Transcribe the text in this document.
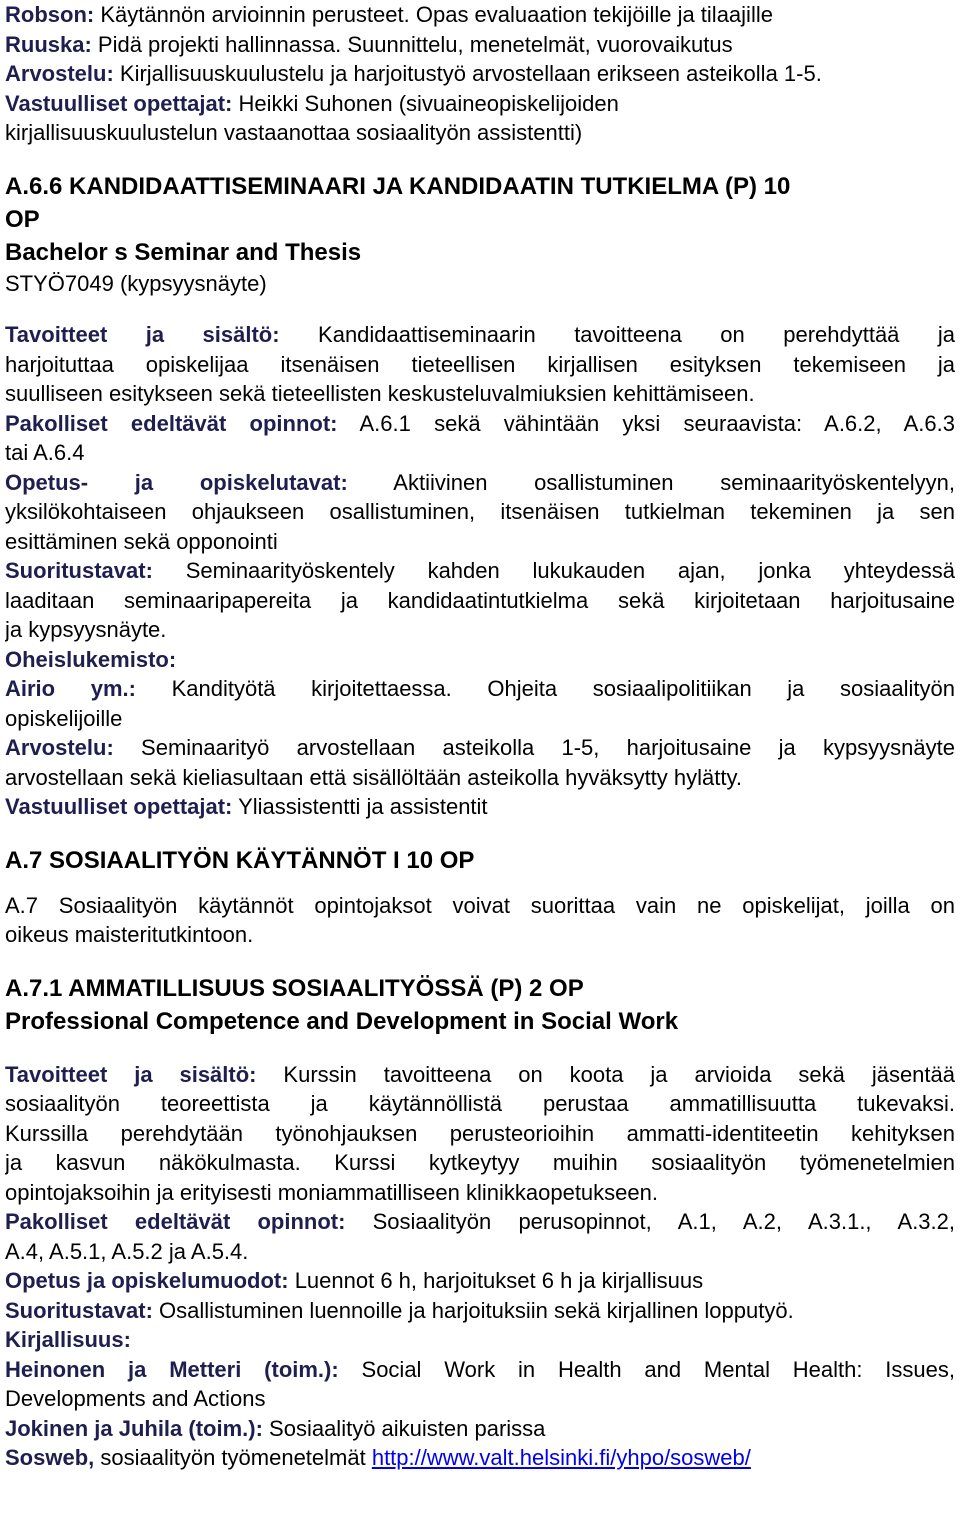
Robson: Käytännön arvioinnin perusteet. Opas evaluaation tekijöille ja tilaajille
Ruuska: Pidä projekti hallinnassa. Suunnittelu, menetelmät, vuorovaikutus
Arvostelu: Kirjallisuuskuulustelu ja harjoitustyö arvostellaan erikseen asteikolla 1-5.
Vastuulliset opettajat: Heikki Suhonen (sivuaineopiskelijoiden
kirjallisuuskuulustelun vastaanottaa sosiaalityön assistentti)
A.6.6 KANDIDAATTISEMINAARI JA KANDIDAATIN TUTKIELMA (P) 10
OP
Bachelor s Seminar and Thesis
STYÖ7049 (kypsyysnäyte)
Tavoitteet ja sisältö: Kandidaattiseminaarin tavoitteena on perehdyttää ja
harjoituttaa opiskelijaa itsenäisen tieteellisen kirjallisen esityksen tekemiseen ja
suulliseen esitykseen sekä tieteellisten keskusteluvalmiuksien kehittämiseen.
Pakolliset edeltävät opinnot: A.6.1 sekä vähintään yksi seuraavista: A.6.2, A.6.3
tai A.6.4
Opetus- ja opiskelutavat: Aktiivinen osallistuminen seminaarityöskentelyyn,
yksilökohtaiseen ohjaukseen osallistuminen, itsenäisen tutkielman tekeminen ja sen
esittäminen sekä opponointi
Suoritustavat: Seminaarityöskentely kahden lukukauden ajan, jonka yhteydessä
laaditaan seminaaripapereita ja kandidaatintutkielma sekä kirjoitetaan harjoitusaine
ja kypsyysnäyte.
Oheislukemisto:
Airio ym.: Kandityötä kirjoitettaessa. Ohjeita sosiaalipolitiikan ja sosiaalityön
opiskelijoille
Arvostelu: Seminaarityö arvostellaan asteikolla 1-5, harjoitusaine ja kypsyysnäyte
arvostellaan sekä kieliasultaan että sisällöltään asteikolla hyväksytty hylätty.
Vastuulliset opettajat: Yliassistentti ja assistentit
A.7 SOSIAALITYÖN KÄYTÄNNÖT I 10 OP
A.7 Sosiaalityön käytännöt opintojaksot voivat suorittaa vain ne opiskelijat, joilla on
oikeus maisteritutkintoon.
A.7.1 AMMATILLISUUS SOSIAALITYÖSSÄ (P) 2 OP
Professional Competence and Development in Social Work
Tavoitteet ja sisältö: Kurssin tavoitteena on koota ja arvioida sekä jäsentää
sosiaalityön teoreettista ja käytännöllistä perustaa ammatillisuutta tukevaksi.
Kurssilla perehdytään työnohjauksen perusteorioihin ammatti-identiteetin kehityksen
ja kasvun näkökulmasta. Kurssi kytkeytyy muihin sosiaalityön työmenetelmien
opintojaksoihin ja erityisesti moniammatilliseen klinikkaopetukseen.
Pakolliset edeltävät opinnot: Sosiaalityön perusopinnot, A.1, A.2, A.3.1., A.3.2,
A.4, A.5.1, A.5.2 ja A.5.4.
Opetus ja opiskelumuodot: Luennot 6 h, harjoitukset 6 h ja kirjallisuus
Suoritustavat: Osallistuminen luennoille ja harjoituksiin sekä kirjallinen lopputyö.
Kirjallisuus:
Heinonen ja Metteri (toim.): Social Work in Health and Mental Health: Issues,
Developments and Actions
Jokinen ja Juhila (toim.): Sosiaalityö aikuisten parissa
Sosweb, sosiaalityön työmenetelmät http://www.valt.helsinki.fi/yhpo/sosweb/
